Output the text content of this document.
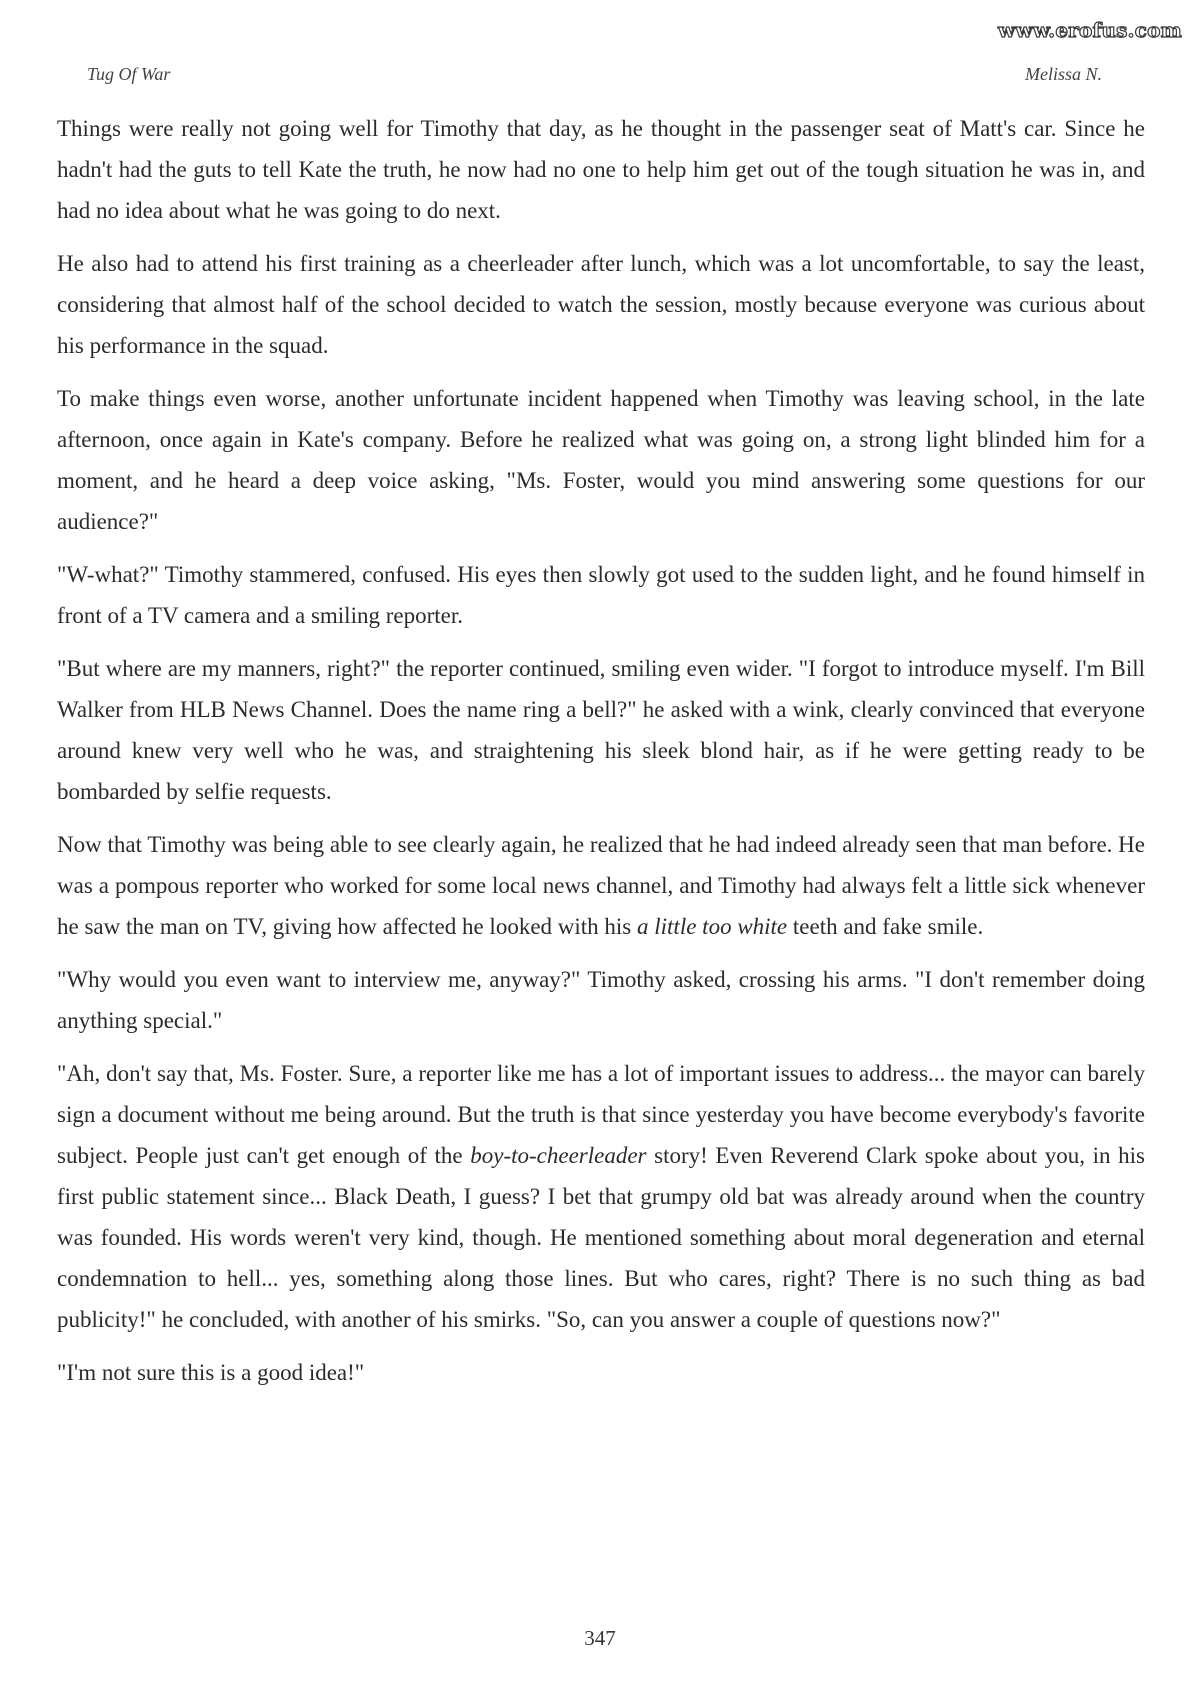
www.erofus.com
Tug Of War	Melissa N.

Things were really not going well for Timothy that day, as he thought in the passenger seat of Matt's car. Since he hadn't had the guts to tell Kate the truth, he now had no one to help him get out of the tough situation he was in, and had no idea about what he was going to do next.

He also had to attend his first training as a cheerleader after lunch, which was a lot uncomfortable, to say the least, considering that almost half of the school decided to watch the session, mostly because everyone was curious about his performance in the squad.

To make things even worse, another unfortunate incident happened when Timothy was leaving school, in the late afternoon, once again in Kate's company. Before he realized what was going on, a strong light blinded him for a moment, and he heard a deep voice asking, "Ms. Foster, would you mind answering some questions for our audience?"

"W-what?" Timothy stammered, confused. His eyes then slowly got used to the sudden light, and he found himself in front of a TV camera and a smiling reporter.

"But where are my manners, right?" the reporter continued, smiling even wider. "I forgot to introduce myself. I'm Bill Walker from HLB News Channel. Does the name ring a bell?" he asked with a wink, clearly convinced that everyone around knew very well who he was, and straightening his sleek blond hair, as if he were getting ready to be bombarded by selfie requests.

Now that Timothy was being able to see clearly again, he realized that he had indeed already seen that man before. He was a pompous reporter who worked for some local news channel, and Timothy had always felt a little sick whenever he saw the man on TV, giving how affected he looked with his a little too white teeth and fake smile.

"Why would you even want to interview me, anyway?" Timothy asked, crossing his arms. "I don't remember doing anything special."

"Ah, don't say that, Ms. Foster. Sure, a reporter like me has a lot of important issues to address... the mayor can barely sign a document without me being around. But the truth is that since yesterday you have become everybody's favorite subject. People just can't get enough of the boy-to-cheerleader story! Even Reverend Clark spoke about you, in his first public statement since... Black Death, I guess? I bet that grumpy old bat was already around when the country was founded. His words weren't very kind, though. He mentioned something about moral degeneration and eternal condemnation to hell... yes, something along those lines. But who cares, right? There is no such thing as bad publicity!" he concluded, with another of his smirks. "So, can you answer a couple of questions now?"

"I'm not sure this is a good idea!"

347
